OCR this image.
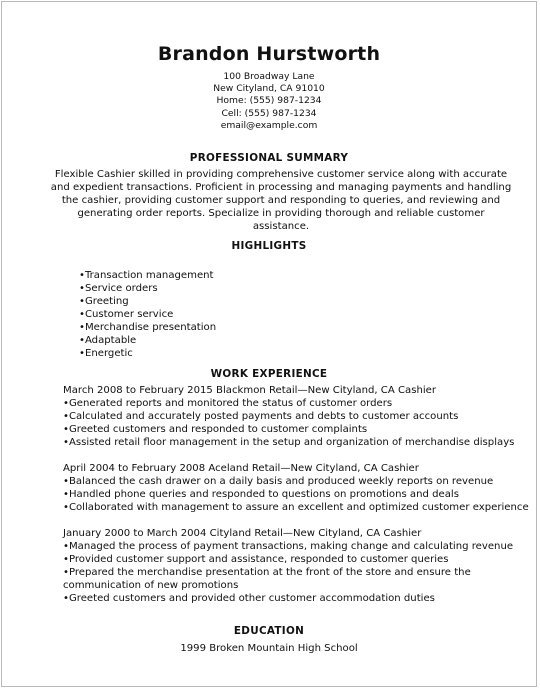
Brandon Hurstworth
100 Broadway Lane
New Cityland, CA 91010
Home: (555) 987-1234
Cell: (555) 987-1234
email@example.com
PROFESSIONAL SUMMARY
Flexible Cashier skilled in providing comprehensive customer service along with accurate and expedient transactions. Proficient in processing and managing payments and handling the cashier, providing customer support and responding to queries, and reviewing and generating order reports. Specialize in providing thorough and reliable customer assistance.
HIGHLIGHTS
•Transaction management
•Service orders
•Greeting
•Customer service
•Merchandise presentation
•Adaptable
•Energetic
WORK EXPERIENCE
March 2008 to February 2015 Blackmon Retail—New Cityland, CA Cashier
•Generated reports and monitored the status of customer orders
•Calculated and accurately posted payments and debts to customer accounts
•Greeted customers and responded to customer complaints
•Assisted retail floor management in the setup and organization of merchandise displays
April 2004 to February 2008 Aceland Retail—New Cityland, CA Cashier
•Balanced the cash drawer on a daily basis and produced weekly reports on revenue
•Handled phone queries and responded to questions on promotions and deals
•Collaborated with management to assure an excellent and optimized customer experience
January 2000 to March 2004 Cityland Retail—New Cityland, CA Cashier
•Managed the process of payment transactions, making change and calculating revenue
•Provided customer support and assistance, responded to customer queries
•Prepared the merchandise presentation at the front of the store and ensure the communication of new promotions
•Greeted customers and provided other customer accommodation duties
EDUCATION
1999 Broken Mountain High School
